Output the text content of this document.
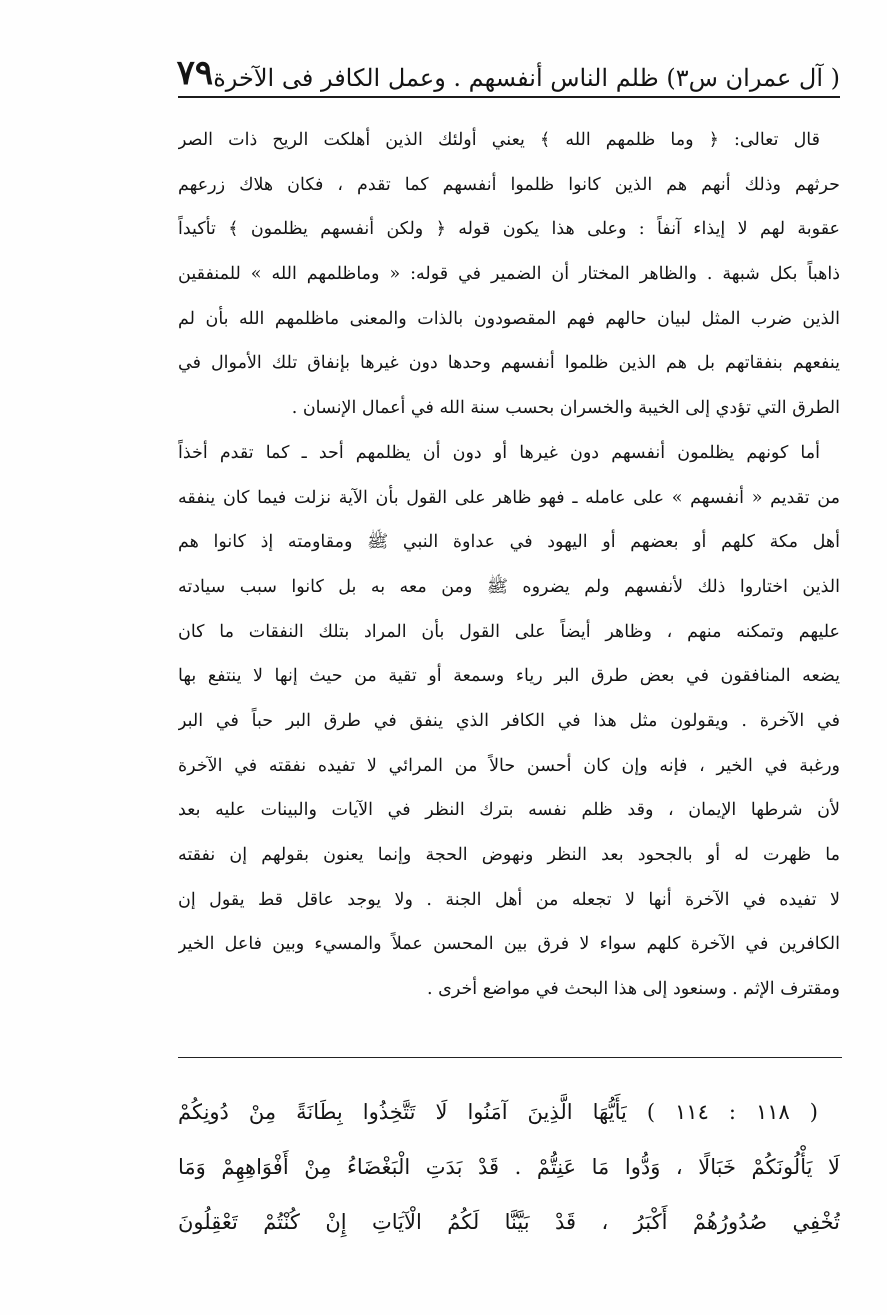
( آل عمران س٣) ظلم الناس أنفسهم . وعمل الكافر فى الآخرة
٧٩
قال تعالى: ﴿ وما ظلمهم الله ﴾ يعني أولئك الذين أهلكت الريح ذات الصر
حرثهم وذلك أنهم هم الذين كانوا ظلموا أنفسهم كما تقدم ، فكان هلاك زرعهم
عقوبة لهم لا إيذاء آنفاً : وعلى هذا يكون قوله ﴿ ولكن أنفسهم يظلمون ﴾ تأكيداً
ذاهباً بكل شبهة . والظاهر المختار أن الضمير في قوله: « وماظلمهم الله » للمنفقين
الذين ضرب المثل لبيان حالهم فهم المقصودون بالذات والمعنى ماظلمهم الله بأن لم
ينفعهم بنفقاتهم بل هم الذين ظلموا أنفسهم وحدها دون غيرها بإنفاق تلك الأموال في
الطرق التي تؤدي إلى الخيبة والخسران بحسب سنة الله في أعمال الإنسان .
أما كونهم يظلمون أنفسهم دون غيرها أو دون أن يظلمهم أحد ـ كما تقدم أخذاً
من تقديم « أنفسهم » على عامله ـ فهو ظاهر على القول بأن الآية نزلت فيما كان ينفقه
أهل مكة كلهم أو بعضهم أو اليهود في عداوة النبي ﷺ ومقاومته إذ كانوا هم
الذين اختاروا ذلك لأنفسهم ولم يضروه ﷺ ومن معه به بل كانوا سبب سيادته
عليهم وتمكنه منهم ، وظاهر أيضاً على القول بأن المراد بتلك النفقات ما كان
يضعه المنافقون في بعض طرق البر رياء وسمعة أو تقية من حيث إنها لا ينتفع بها
في الآخرة . ويقولون مثل هذا في الكافر الذي ينفق في طرق البر حباً في البر
ورغبة في الخير ، فإنه وإن كان أحسن حالاً من المرائي لا تفيده نفقته في الآخرة
لأن شرطها الإيمان ، وقد ظلم نفسه بترك النظر في الآيات والبينات عليه بعد
ما ظهرت له أو بالجحود بعد النظر ونهوض الحجة وإنما يعنون بقولهم إن نفقته
لا تفيده في الآخرة أنها لا تجعله من أهل الجنة . ولا يوجد عاقل قط يقول إن
الكافرين في الآخرة كلهم سواء لا فرق بين المحسن عملاً والمسيء وبين فاعل الخير
ومقترف الإثم . وسنعود إلى هذا البحث في مواضع أخرى .
( ١١٨ : ١١٤ ) يَأَيُّهَا الَّذِينَ آمَنُوا لَا تَتَّخِذُوا بِطَانَةً مِنْ دُونِكُمْ
لَا يَأْلُونَكُمْ خَبَالًا ، وَدُّوا مَا عَنِتُّمْ . قَدْ بَدَتِ الْبَغْضَاءُ مِنْ أَفْوَاهِهِمْ وَمَا
تُخْفِي صُدُورُهُمْ أَكْبَرُ ، قَدْ بَيَّنَّا لَكُمُ الْآيَاتِ إِنْ كُنْتُمْ تَعْقِلُونَ
